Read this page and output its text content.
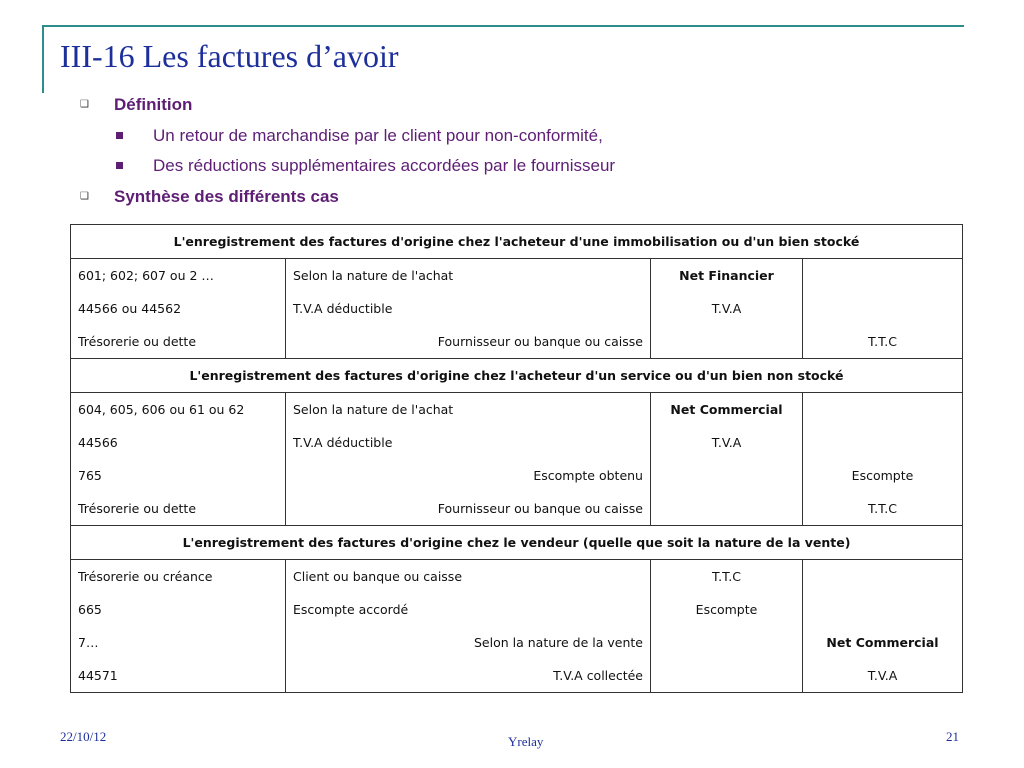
III-16 Les factures d’avoir
❑ Définition
Un retour de marchandise par le client pour non-conformité,
Des réductions supplémentaires accordées par le fournisseur
❑ Synthèse des différents cas
L'enregistrement des factures d'origine chez l'acheteur d'une immobilisation ou d'un bien stocké			
601; 602; 607 ou 2 …	Selon la nature de l'achat	Net Financier	
44566 ou 44562	T.V.A déductible	T.V.A	
Trésorerie ou dette	Fournisseur ou banque ou caisse		T.T.C
L'enregistrement des factures d'origine chez l'acheteur d'un service ou d'un bien non stocké			
604, 605, 606 ou 61 ou 62	Selon la nature de l'achat	Net Commercial	
44566	T.V.A déductible	T.V.A	
765	Escompte obtenu		Escompte
Trésorerie ou dette	Fournisseur ou banque ou caisse		T.T.C
L'enregistrement des factures d'origine chez le vendeur (quelle que soit la nature de la vente)			
Trésorerie ou créance	Client ou banque ou caisse	T.T.C	
665	Escompte accordé	Escompte	
7…	Selon la nature de la vente		Net Commercial
44571	T.V.A collectée		T.V.A
22/10/12	Yrelay	21
